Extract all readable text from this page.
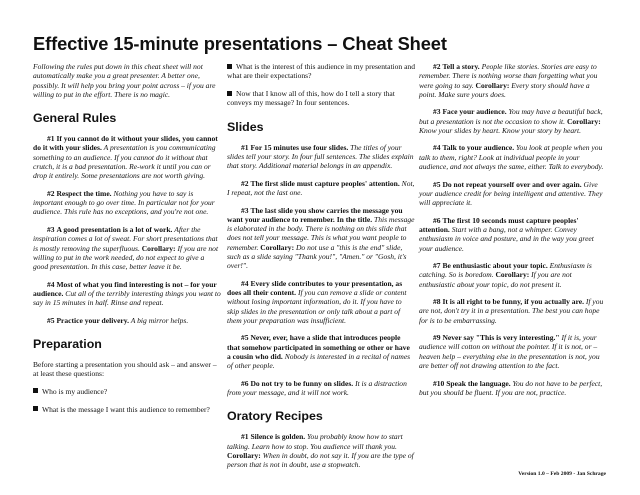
Effective 15-minute presentations – Cheat Sheet

Following the rules put down in this cheat sheet will not automatically make you a great presenter. A better one, possibly. It will help you bring your point across – if you are willing to put in the effort. There is no magic.

General Rules

#1 If you cannot do it without your slides, you cannot do it with your slides. A presentation is you communicating something to an audience. If you cannot do it without that crutch, it is a bad presentation. Re-work it until you can or drop it entirely. Some presentations are not worth giving.

#2 Respect the time. Nothing you have to say is important enough to go over time. In particular not for your audience. This rule has no exceptions, and you're not one.

#3 A good presentation is a lot of work. After the inspiration comes a lot of sweat. For short presentations that is mostly removing the superfluous. Corollary: If you are not willing to put in the work needed, do not expect to give a good presentation. In this case, better leave it be.

#4 Most of what you find interesting is not – for your audience. Cut all of the terribly interesting things you want to say in 15 minutes in half. Rinse and repeat.

#5 Practice your delivery. A big mirror helps.

Preparation

Before starting a presentation you should ask – and answer – at least these questions:

Who is my audience?

What is the message I want this audience to remember?

What is the interest of this audience in my presentation and what are their expectations?

Now that I know all of this, how do I tell a story that conveys my message? In four sentences.

Slides

#1 For 15 minutes use four slides. The titles of your slides tell your story. In four full sentences. The slides explain that story. Additional material belongs in an appendix.

#2 The first slide must capture peoples' attention. Not, I repeat, not the last one.

#3 The last slide you show carries the message you want your audience to remember. In the title. This message is elaborated in the body. There is nothing on this slide that does not tell your message. This is what you want people to remember. Corollary: Do not use a "this is the end" slide, such as a slide saying "Thank you!", "Amen." or "Gosh, it's over!".

#4 Every slide contributes to your presentation, as does all their content. If you can remove a slide or content without losing important information, do it. If you have to skip slides in the presentation or only talk about a part of them your preparation was insufficient.

#5 Never, ever, have a slide that introduces people that somehow participated in something or other or have a cousin who did. Nobody is interested in a recital of names of other people.

#6 Do not try to be funny on slides. It is a distraction from your message, and it will not work.

Oratory Recipes

#1 Silence is golden. You probably know how to start talking. Learn how to stop. You audience will thank you. Corollary: When in doubt, do not say it. If you are the type of person that is not in doubt, use a stopwatch.

#2 Tell a story. People like stories. Stories are easy to remember. There is nothing worse than forgetting what you were going to say. Corollary: Every story should have a point. Make sure yours does.

#3 Face your audience. You may have a beautiful back, but a presentation is not the occasion to show it. Corollary: Know your slides by heart. Know your story by heart.

#4 Talk to your audience. You look at people when you talk to them, right? Look at individual people in your audience, and not always the same, either. Talk to everybody.

#5 Do not repeat yourself over and over again. Give your audience credit for being intelligent and attentive. They will appreciate it.

#6 The first 10 seconds must capture peoples' attention. Start with a bang, not a whimper. Convey enthusiasm in voice and posture, and in the way you greet your audience.

#7 Be enthusiastic about your topic. Enthusiasm is catching. So is boredom. Corollary: If you are not enthusiastic about your topic, do not present it.

#8 It is all right to be funny, if you actually are. If you are not, don't try it in a presentation. The best you can hope for is to be embarrassing.

#9 Never say "This is very interesting." If it is, your audience will cotton on without the pointer. If it is not, or – heaven help – everything else in the presentation is not, you are better off not drawing attention to the fact.

#10 Speak the language. You do not have to be perfect, but you should be fluent. If you are not, practice.

Version 1.0 – Feb 2009 - Jan Schrage
